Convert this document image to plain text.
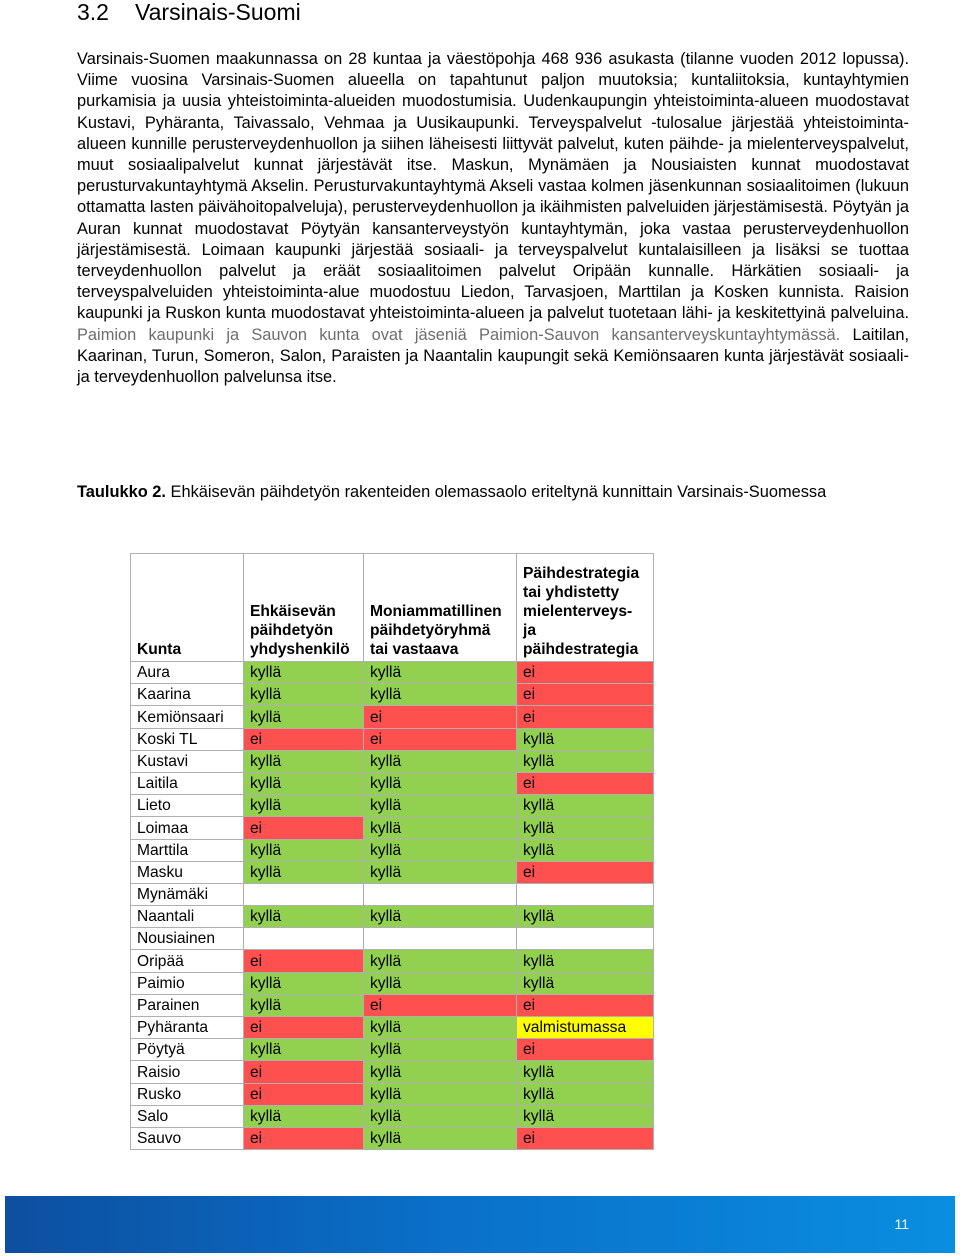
3.2 Varsinais-Suomi

Varsinais-Suomen maakunnassa on 28 kuntaa ja väestöpohja 468 936 asukasta (tilanne vuoden 2012 lopussa). Viime vuosina Varsinais-Suomen alueella on tapahtunut paljon muutoksia; kuntaliitoksia, kuntayhtymien purkamisia ja uusia yhteistoiminta-alueiden muodostumisia. Uudenkaupungin yhteistoiminta-alueen muodostavat Kustavi, Pyhäranta, Taivassalo, Vehmaa ja Uusikaupunki. Terveyspalvelut -tulosalue järjestää yhteistoiminta-alueen kunnille perusterveydenhuollon ja siihen läheisesti liittyvät palvelut, kuten päihde- ja mielenterveyspalvelut, muut sosiaalipalvelut kunnat järjestävät itse. Maskun, Mynämäen ja Nousiaisten kunnat muodostavat perusturvakuntayhtymä Akselin. Perusturvakuntayhtymä Akseli vastaa kolmen jäsenkunnan sosiaalitoimen (lukuun ottamatta lasten päivähoitopalveluja), perusterveydenhuollon ja ikäihmisten palveluiden järjestämisestä. Pöytyän ja Auran kunnat muodostavat Pöytyän kansanterveystyön kuntayhtymän, joka vastaa perusterveydenhuollon järjestämisestä. Loimaan kaupunki järjestää sosiaali- ja terveyspalvelut kuntalaisilleen ja lisäksi se tuottaa terveydenhuollon palvelut ja eräät sosiaalitoimen palvelut Oripään kunnalle. Härkätien sosiaali- ja terveyspalveluiden yhteistoiminta-alue muodostuu Liedon, Tarvasjoen, Marttilan ja Kosken kunnista. Raision kaupunki ja Ruskon kunta muodostavat yhteistoiminta-alueen ja palvelut tuotetaan lähi- ja keskitettyinä palveluina. Paimion kaupunki ja Sauvon kunta ovat jäseniä Paimion-Sauvon kansanterveyskuntayhtymässä. Laitilan, Kaarinan, Turun, Someron, Salon, Paraisten ja Naantalin kaupungit sekä Kemiönsaaren kunta järjestävät sosiaali- ja terveydenhuollon palvelunsa itse.

Taulukko 2. Ehkäisevän päihdetyön rakenteiden olemassaolo eriteltynä kunnittain Varsinais-Suomessa

Kunta	Ehkäisevän päihdetyön yhdyshenkilö	Moniammatillinen päihdetyöryhmä tai vastaava	Päihdestrategia tai yhdistetty mielenterveys- ja päihdestrategia
Aura	kyllä	kyllä	ei
Kaarina	kyllä	kyllä	ei
Kemiönsaari	kyllä	ei	ei
Koski TL	ei	ei	kyllä
Kustavi	kyllä	kyllä	kyllä
Laitila	kyllä	kyllä	ei
Lieto	kyllä	kyllä	kyllä
Loimaa	ei	kyllä	kyllä
Marttila	kyllä	kyllä	kyllä
Masku	kyllä	kyllä	ei
Mynämäki			
Naantali	kyllä	kyllä	kyllä
Nousiainen			
Oripää	ei	kyllä	kyllä
Paimio	kyllä	kyllä	kyllä
Parainen	kyllä	ei	ei
Pyhäranta	ei	kyllä	valmistumassa
Pöytyä	kyllä	kyllä	ei
Raisio	ei	kyllä	kyllä
Rusko	ei	kyllä	kyllä
Salo	kyllä	kyllä	kyllä
Sauvo	ei	kyllä	ei
11
